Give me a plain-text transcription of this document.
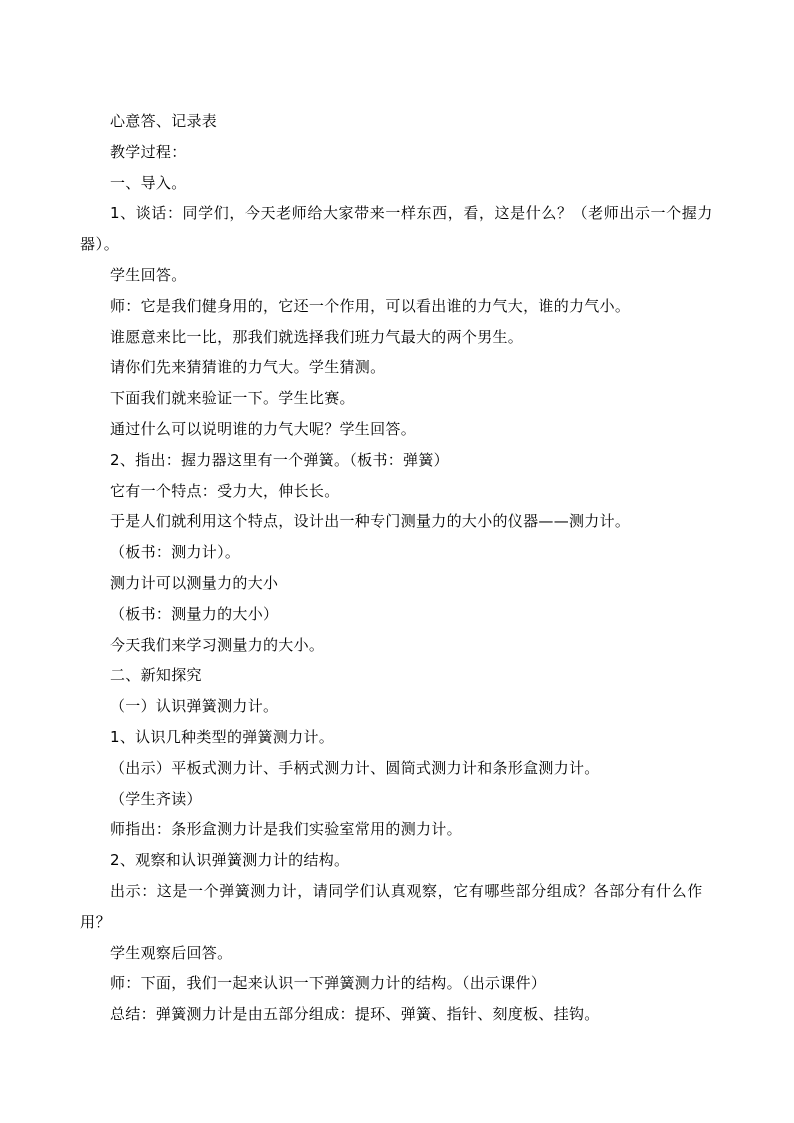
心意答、记录表
教学过程：
一、导入。
1、谈话：同学们，今天老师给大家带来一样东西，看，这是什么？（老师出示一个握力器）。
学生回答。
师：它是我们健身用的，它还一个作用，可以看出谁的力气大，谁的力气小。
谁愿意来比一比，那我们就选择我们班力气最大的两个男生。
请你们先来猜猜谁的力气大。学生猜测。
下面我们就来验证一下。学生比赛。
通过什么可以说明谁的力气大呢？学生回答。
2、指出：握力器这里有一个弹簧。（板书：弹簧）
它有一个特点：受力大，伸长长。
于是人们就利用这个特点，设计出一种专门测量力的大小的仪器——测力计。
（板书：测力计）。
测力计可以测量力的大小
（板书：测量力的大小）
今天我们来学习测量力的大小。
二、新知探究
（一）认识弹簧测力计。
1、认识几种类型的弹簧测力计。
（出示）平板式测力计、手柄式测力计、圆筒式测力计和条形盒测力计。
（学生齐读）
师指出：条形盒测力计是我们实验室常用的测力计。
2、观察和认识弹簧测力计的结构。
出示：这是一个弹簧测力计，请同学们认真观察，它有哪些部分组成？各部分有什么作用？
学生观察后回答。
师：下面，我们一起来认识一下弹簧测力计的结构。（出示课件）
总结：弹簧测力计是由五部分组成：提环、弹簧、指针、刻度板、挂钩。
